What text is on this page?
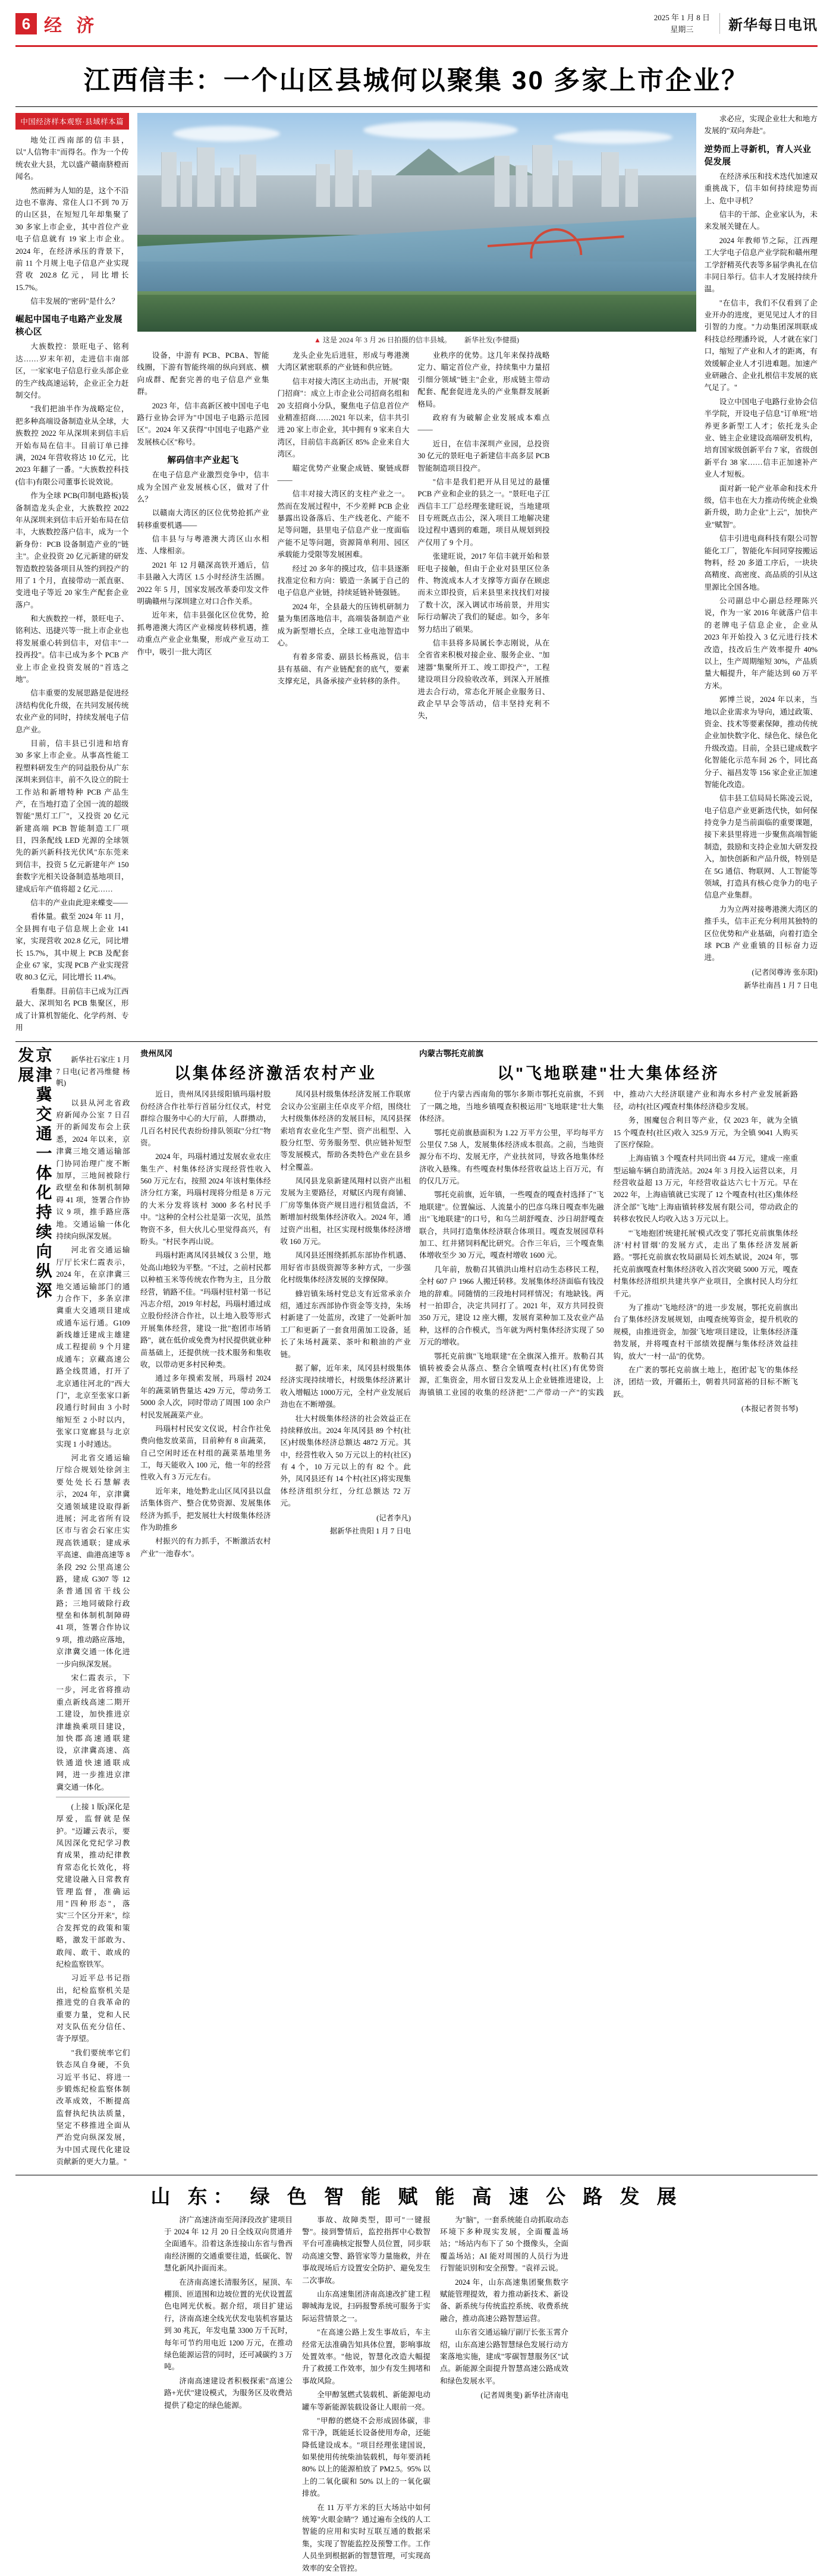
6 经 济	2025 年 1 月 8 日
星期三	新华每日电讯
江西信丰：一个山区县城何以聚集 30 多家上市企业？
中国经济样本观察·县域样本篇

地处江西南部的信丰县，以"人信物丰"而得名。作为一个传统农业大县，尤以盛产赣南脐橙而闻名。

然而鲜为人知的是，这个不沿边也不靠海、常住人口不到 70 万的山区县，在短短几年却集聚了 30 多家上市企业，其中首位产业电子信息就有 19 家上市企业。2024 年，在经济承压的背景下，前 11 个月规上电子信息产业实现营收 202.8 亿元，同比增长 15.7%。

信丰发展的"密码"是什么？

崛起中国电子电路产业发展核心区

大族数控：景旺电子、铭利达……岁末年初，走进信丰南部区，一家家电子信息行业头部企业的生产线高速运转，企业正全力赶制交付。

"我们把油半作为战略定位，把多种高端设备制造业从全球，大族数控 2022 年从深圳来到信丰后开始布局在信丰。目前订单已排满，2024 年营收将达 10 亿元，比 2023 年翻了一番。"大族数控科技(信丰)有限公司董事长说效说。

作为全球 PCB(印制电路板)装备制造龙头企业，大族数控 2022 年从深圳来到信丰后开始布局在信丰，大族数控落户信丰，成为一个新身份：PCB 设备制造产业的"链主"。企业投资 20 亿元新建的研发智造数控装备项目从签约到投产的用了 1 个月，直接带动一派直驱、变进电子等近 20 家生产配套企业落户。

和大族数控一样，景旺电子、铭利达、迅捷兴等一批上市企业也将发展重心转到信丰，对信丰"一投再投"。信丰已成为多个 PCB 产业上市企业投资发展的"首选之地"。

信丰重要的发展思路是促进经济结构优化升级，在共同发展传统农业产业的同时，持续发展电子信息产业。

目前，信丰县已引进和培育 30 多家上市企业。从事高性能工程塑料研发生产的同益股份从广东深圳来到信丰，前不久设立的院士工作站和新增特种 PCB 产品生产，在当地打造了全国一流的超级智能"黑灯工厂"，又投资 20 亿元新建高端 PCB 智能制造工厂项目，四条配线 LED 光源的全球领先的新兴新科技光伏风"东东莞来到信丰，投资 5 亿元新建年产 150 套数字光相关设备制造基地项目，建成后年产值将超 2 亿元……

信丰的产业由此迎来蝶变——

看体量。截至 2024 年 11 月，全县拥有电子信息规上企业 141 家，实现营收 202.8 亿元，同比增长 15.7%，其中规上 PCB 及配套企业 67 家，实现 PCB 产业实现营收 80.3 亿元，同比增长 11.4%。

看集群。目前信丰已成为江西最大、深圳知名 PCB 集聚区，形成了计算机智能化、化学药剂、专用

▲ 这是 2024 年 3 月 26 日拍摄的信丰县城。 新华社发(李健摄)

设备，中游有 PCB、PCBA、智能线圈，下游有智能终端的纵向到底、横向成群、配套完善的电子信息产业集群。

2023 年，信丰高新区被中国电子电路行业协会评为"中国电子电路示范园区"。2024 年又获得"中国电子电路产业发展核心区"称号。

解码信丰产业起飞

在电子信息产业激烈竞争中，信丰成为全国产业发展核心区，做对了什么？

以赣南大湾区的区位优势抢抓产业转移重要机遇——

信丰县与与粤港澳大湾区山水相连、人缘相亲。

2021 年 12 月赣深高铁开通后，信丰县融入大湾区 1.5 小时经济生活圈。2022 年 5 月，国家发展改革委印发文件明确赣州与深圳建立对口合作关系。

近年来，信丰县强化区位优势，抢抓粤港澳大湾区产业梯度转移机遇，推动重点产业企业集聚，形成产业互动工作中，吸引一批大湾区

龙头企业先后进驻，形成与粤港澳大湾区紧密联系的产业链和供应链。

信丰对接大湾区主动出击，开展"限门招商"：成立上市企业公司招商名组和 20 支招商小分队，聚焦电子信息首位产业精准招商……2021 年以来，信丰共引进 20 家上市企业，其中拥有 9 家来自大湾区，目前信丰高新区 85% 企业来自大湾区。

瞄定优势产业聚企成链、聚链成群——

信丰对接大湾区的支柱产业之一。然而在发展过程中，不少差鲜 PCB 企业暴露出设备落后、生产线老化、产能不足等问题，县里电子信息产业一度面临产能不足等问题，资源简单利用、园区承载能力受限等发展困难。

经过 20 多年的摸过攻，信丰县逐渐找准定位和方向：锻造一条属于自己的电子信息产业链，持续延链补链强链。

2024 年，全县最大的压铸机研制力量为集团落地信丰，高端装备制造产业成为新型增长点，全球工业电池智造中心。

有着多常委、副县长杨燕说，信丰县有基础、有产业链配套的底气，要素支撑充足，具备承接产业转移的条件。

业秩序的优势。这几年来保持战略定力、瞄定首位产业，持续集中力量招引细分领域"链主"企业，形成链主带动配套、配套促进龙头的产业集群发展新格局。

政府有为破解企业发展成本难点——

近日，在信丰深圳产业园，总投资 30 亿元的景旺电子新建信丰高多层 PCB 智能制造项目投产。

"信丰是我们把开从目见过的最懂 PCB 产业和企业的县之一。"景旺电子江西信丰工厂总经理张建旺说，当地建项目专班既点击公，深入项目工地解决建设过程中遇到的难题，项目从规划到投产仅用了 9 个月。

张建旺说，2017 年信丰就开始和景旺电子接触，但由于企业对县里区位条件、物流成本人才支撑等方面存在顾虑而未立即投资，后来县里来找找们对接了数十次，深入调试市场前景，并用实际行动解决了我们的疑虑。如今，多年努力结出了硕果。

信丰县将多局属长李志刚说，从在全省省来积极对接企业、服务企业、"加速器"集聚所开工、竣工即投产"，工程建设项目分段验收改革，到深入开展推进去合行动，常态化开展企业服务日、政企早早会等活动，信丰坚持充利不失，

求必应，实现企业壮大和地方发展的"双向奔赴"。

逆势而上寻新机，育人兴业促发展

在经济承压和技术迭代加速双重挑战下，信丰如何持续迎势而上、危中寻机？

信丰的干部、企业家认为，未来发展关键在人。

2024 年教师节之际，江西理工大学电子信息产业学院和赣州理工学舒精英代表等多届学典礼在信丰同日举行。信丰人才发展持续升温。

"在信丰，我们不仅看到了企业开办的进度，更见见过人才的目引智的力度。"力动集团深圳联成科技总经理潘玲说，人才就在家门口，缩短了产业和人才的距离，有效缓解企业人才引进难题。加速产业研融合、企业扎根信丰发展的底气足了。"

设立中国电子电路行业协会信半学院，开设电子信息"订单班"培养更多新型工人才；依托龙头企业、链主企业建设高端研发机构，培育国家级创新平台 7 家，省级创新平台 38 家……信丰正加速补产业人才短板。

面对新一轮产业革命和技术升级，信丰也在大力推动传统企业焕新升级，助力企业"上云"，加快产业"赋智"。

信丰引进电商科技有限公司智能化工厂，智能化车间同穿按搬运物料，经 20 多道工序后，一块块高精度、高密度、高品质的引从这里源比全国各地。

公司副总中心副总经理陈兴说，作为一家 2016 年就落户信丰的老牌电子信息企业，企业从 2023 年开始投入 3 亿元进行技术改造，技改后生产效率提升 40% 以上，生产周期缩短 30%，产品质量大幅提升，年产能达到 60 万平方米。

郭博兰说，2024 年以来，当地以企业需求为导向，通过政策、资金、技术等要素保障，推动传统企业加快数字化、绿色化、绿色化升级改造。目前，全县已建成数字化智能化示范车间 26 个，同比高分子、福昌发等 156 家企业正加速智能化改造。

信丰县工信局局长陈凌云说，电子信息产业更新迭代快，如何保持竞争力是当前面临的重要课题，接下来县里将进一步聚焦高端智能制造，鼓励和支持企业加大研发投入，加快创新和产品升级，特别是在 5G 通信、物联网、人工智能等领域，打造具有核心竞争力的电子信息产业集群。

力为立两对接粤港澳大湾区的推手头，信丰正充分利用其独特的区位优势和产业基础，向着打造全球 PCB 产业重镇的目标奋力迈进。

(记者闵尊涛 张东阳)
新华社南昌 1 月 7 日电
京津冀交通一体化持续向纵深发展	新华社石家庄 1 月 7 日电(记者冯维健 杨帆)

以县从河北省政府新闻办公室 7 日召开的新闻发布会上获悉，2024 年以来，京津冀三地交通运输部门协同治理广度不断加厚，三地间被除行政壁垒和体制机制障碍 41 项，签署合作协议 9 项，推手路应落地。交通运输一体化持续向纵深发展。

河北省交通运输厅厅长宋仁霞表示，2024 年，在京津冀三地交通运输部门的通力合作下，多条京津冀重大交通项目建成或通车运行通。G109 新线雄迁建成主雄建成工程提前 9 个月建成通车；京藏高速公路全线贯通，打开了北京通往河北的"西大门"，北京至张家口新段通行时间由 3 小时缩短至 2 小时以内，张家口宽廊县与北京实现 1 小时通达。

河北省交通运输厅综合规划处徐剑主要处处长石慧解表示，2024 年，京津冀交通领域建设取得新进展；河北省所有设区市与省会石家庄实现高铁通联；建成承平高速、曲港高速等 8 条段 292 公里高速公路，建成 G307 等 12 条普通国省干线公路；三地同破除行政壁垒和体制机制障碍 41 项，签署合作协议 9 项，推动路应落地，京津冀交通一体化进一步向纵深发展。

宋仁霞表示，下一步，河北省将推动重点新线高速二期开工建设，加快推进京津雄换乘项目建设，加快郡高速通联建设，京津冀高速、高铁通道快速通联成网，进一步推进京津冀交通一体化。

(上接 1 版)深化是厚爱，监督就是保护。"迈罐云表示，要凤因深化党纪学习教育成果，推动纪律教育常态化长效化，将党建设融入日常教育管理监督，准确运用"四种形态"，落实"三个区分开来"，综合发挥党的政策和策略，激发干部敢为、敢闯、敢干、敢成的纪检监察铁军。

习近平总书记指出，纪检监察机关是推进党的自我革命的重要力量，党和人民对支队伍充分信任、寄予厚望。

"我们要统率它们铁态凤自身硬，不负习近平书记、将进一步锻炼纪检监察体制改革成效，不断提高监督执纪执法质量，坚定不移推进全面从严治党向纵深发展，为中国式现代化建设贡献新的更大力量。"

贵州凤冈
以集体经济激活农村产业

近日，贵州凤冈县绥阳镇玛瑙村股份经济合作社举行首届分红仪式，村党群综合服务中心的大厅前，人群攒动，几百名村民代表纷纷排队领取"分红"物资。

2024 年，玛瑙村通过发展农业农庄集生产、村集体经济实现经营性收入 560 万元左右，按照 2024 年该村集体经济分红方案，玛瑙村现将分组是 8 万元的大米分发将该村 3000 多名村民手中。"这种的全村公社是第一次见，虽然物资不多，但大伙儿心里觉得高兴，有盼头。"村民李再山说。

玛瑙村距离凤冈县城仅 3 公里，地处高山地较为平整。"不过，之前村民都以种植玉米等传统农作物为主，且分散经营，销路不佳。"玛瑙村驻村第一书记冯志介绍，2019 年村起，玛瑙村通过成立股份经济合作社，以土地入股等形式开展集体经营，建设一批"抱团市场销路"，就在低价或免费为村民提供就业种苗基础上，还提供统一技术服务和集收收，以带动更多村民种类。

通过多年摸索发展，玛瑙村 2024 年的蔬菜销售量达 429 万元，带动务工 5000 余人次，同时带动了周围 100 余户村民发展蔬菜产业。

玛瑙村村民安文仪说，村合作社免费向他发放菜苗，目前种有 8 亩蔬菜，自己空闲时还在村组的蔬菜基地里务工，每天能收入 100 元，他一年的经营性收入有 3 万元左右。

近年来，地处黔北山区凤冈县以盘活集体资产、整合优势资源、发展集体经济为抓手，把发展壮大村级集体经济作为助推乡

村振兴的有力抓手，不断激活农村产业"一池春水"。

凤冈县村级集体经济发展工作联席会议办公室副主任卓皮平介绍，围绕壮大村级集体经济的发展目标，凤冈县探索培育农业化生产型、资产出租型、入股分红型、劳务服务型、供应链补短型等发展模式，帮助各类特色产业在县乡村全覆盖。

凤冈县龙泉新建凤翔村以资产出租发展为主要路径，对赋区内现有商铺、厂房等集体资产规目进行租赁盘活，不断增加村级集体经济收入。2024 年，通过资产出租，社区实现村级集体经济增收 160 万元。

凤冈县还围绕抓抓东部协作机遇、用好省市县级资源等多种方式，一步强化村级集体经济发展的支撑保障。

蜂岩镇朱场村党总支有近常承亲介绍，通过东西部协作资金等支持，朱场村新建了一处蓝房，改建了一处新叶加工厂和更新了一套食用菌加工设备，延长了朱场村蔬菜、茶叶和粮油的产业链。

据了解，近年来，凤冈县村级集体经济实现持续增长，村级集体经济累计收入增幅达 1000万元，全村产业发展后劲也在不断增强。

壮大村级集体经济的社会效益正在持续释放出。2024 年凤冈县 89 个村(社区)村级集体经济总额达 4872 万元。其中，经营性收入 50 万元以上的村(社区)有 4 个，10 万元以上的有 82 个。此外，凤冈县还有 14 个村(社区)将实现集体经济组织分红，分红总额达 72 万元。

(记者李凡)
据新华社贵阳 1 月 7 日电
内蒙古鄂托克前旗
以"飞地联建"壮大集体经济

位于内蒙古西南角的鄂尔多斯市鄂托克前旗，不到了一隅之地，当地乡镇嘎查积极运用"飞地联建"壮大集体经济。

鄂托克前旗悬面积为 1.22 万平方公里，平均每平方公里仅 7.58 人，发展集体经济成本很高。之前，当地资源分布不均、发展无序，产业扶贫同，导致各地集体经济收入悬殊。有些嘎查村集体经营收益达上百万元，有的仅几万元。

鄂托克前旗，近年镇，一些嘎查的嘎查村选择了"飞地联建"。位置偏远、人流量小的巴彦乌珠日嘎查率先融出"飞地联建"的口号，和乌兰胡舒嘎查、沙日胡舒嘎查联合，共同打造集体经济联合体项目。嘎查发展园草科加工、红井猪饲料配比研究。合作三年后，三个嘎查集体增收至少 30 万元，嘎查村增收 1600 元。

几年前，敖勒召其镇洪山堆村启动生态移民工程，全村 607 户 1966 人搬迁转移。发展集体经济面临有钱没地的辞难。同随情的三段地村同样情况；有地缺钱。两村一拍即合，决定共同打了。2021 年，双方共同投资 350 万元，建设 12 座大棚，发展育菜种加工及农业产品种，这样的合作模式，当年就为两村集体经济实现了 50 万元的增收。

鄂托克前旗"飞地联建"在全旗深入推开。敖勒召其镇转被委会从落点、整合全镇嘎查村(社区)有优势资源，汇集资金，用水留日发发从上企业链推进建设，上海镇镇工业园的收集的经济把"二产带动一产"的实践中，推动六大经济联建产业和海水乡村产业发展新路径，动村(社区)嘎查村集体经济稳步发展。

务，围魔包合利目等产业，仅 2023 年，就为全镇 15 个嘎查村(社区)收入 325.9 万元，为全镇 9041 人购买了医疗保险。

上海庙镇 3 个嘎查村共同出资 44 万元，建成一座重型运输车辆自助清洗站。2024 年 3 月投入运营以来，月经营收益超 13 万元，年经营收益达六七十万元。早在 2022 年，上海庙镇就已实现了 12 个嘎查村(社区)集体经济全部"飞地"上海庙镇转移发展有限公司，带动政企的转移农牧民人均收入达 3 万元以上。

"'飞地抱团'统建托展'模式改变了鄂托克前旗集体经济'村村冒烟'的发展方式，走出了集体经济发展新路。"鄂托克前旗农牧局副局长刘杰斌说，2024 年，鄂托克前旗嘎查村集体经济收入首次突破 5000 万元，嘎查村集体经济组织共建共享产业项目，全旗村民人均分红千元。

为了推动"飞地经济"的进一步发展，鄂托克前旗出台了集体经济发展规划，由嘎查统筹资金，提升机收的规模，由推进资金，加强'飞地'项目建设，让集体经济蓬勃发展，并将嘎查村干部绩效提酬与集体经济效益挂钩，放大"一村一品"的优势。

在广袤的鄂托克前旗土地上，抱团'起飞'的集体经济，团结一致，开疆拓土，朝着共同富裕的目标不断飞跃。

(本报记者贺书琴)
山 东： 绿 色 智 能 赋 能 高 速 公 路 发 展

济广高速济南至菏泽段改扩建项目于 2024 年 12 月 20 日全线双向贯通并全面通车。沿着这条连接山东省与鲁西南经济圈的交通重要往道，低碳化、智慧化新风扑面而来。

在济南高速长清服务区，屋顶、车棚顶、匝道围和边坡位置的光伏设置蓝色电网光伏板。据介绍，项目扩建运行，济南高速全线光伏发电装机容量达到 30 兆瓦，年发电量 3300 万千瓦时，每年可节约用电近 1200 万元，在推动绿色能源运营的同时，还可减碳约 3 万吨。

济南高速建设者积极探索"高速公路+光伏"建设模式，为服务区及收费站提供了稳定的绿色能源。

事故、故障类型，即可"一键报警"。接到警情后，监控指挥中心数智平台可准确核定报警人员位置，同步联动高速交警、路管家等力量施救，并在事故现场后方设置安全防护、避免发生二次事故。

山东高速集团济南高速改扩建工程聊城海龙说，扫码报警系统可服务于实际运营情景之一。

"在高速公路上发生事故后，车主经常无法准确告知具体位置，影响事故处置效率。"他说，智慧化改造大幅提升了救援工作效率，加少有发生拥堵和事故风险。

全甲醇氢燃式装载机、新能源电动罐车等新能源装载设备让人眼前一亮。

"甲醇的燃烧不会形成固体碳，非常干净，既能延长设备使用寿命，还能降低建设成本。"项目经理张建国说，如果使用传统柴油装载机，每年要消耗 80% 以上的能源柏放了 PM2.5。95% 以上的二氧化碳和 50% 以上的一氧化碳排放。

在 11 万平方米的巨大场站中如何统筹"火眼金睛"？通过遍布全线的人工智能的应用和实时互联互通的数据采集，实现了智能监控及预警工作。工作人员坐到根据新的智慧管理，可实现高效率的安全管控。

为"脑"，一套系统能自动抓取动态环境下多种现实发展，全面覆盖场站；"场站内布下了 50 个摄像头，全面覆盖场站；AI 能对周围的人员行为进行智能识别和安全预警。"袁祥云说。

2024 年，山东高速集团聚焦数字赋能管理提效，着力推动新技术、新设备、新系统与传统监控系统、收费系统融合，推动高速公路智慧运营。

山东省交通运输厅副厅长张玉霄介绍，山东高速公路智慧绿色发展行动方案落地实施，建成"零碳智慧服务区"试点。新能源全面提升智慧高速公路成效和绿色发展水平。

(记者周奥斐) 新华社济南电
